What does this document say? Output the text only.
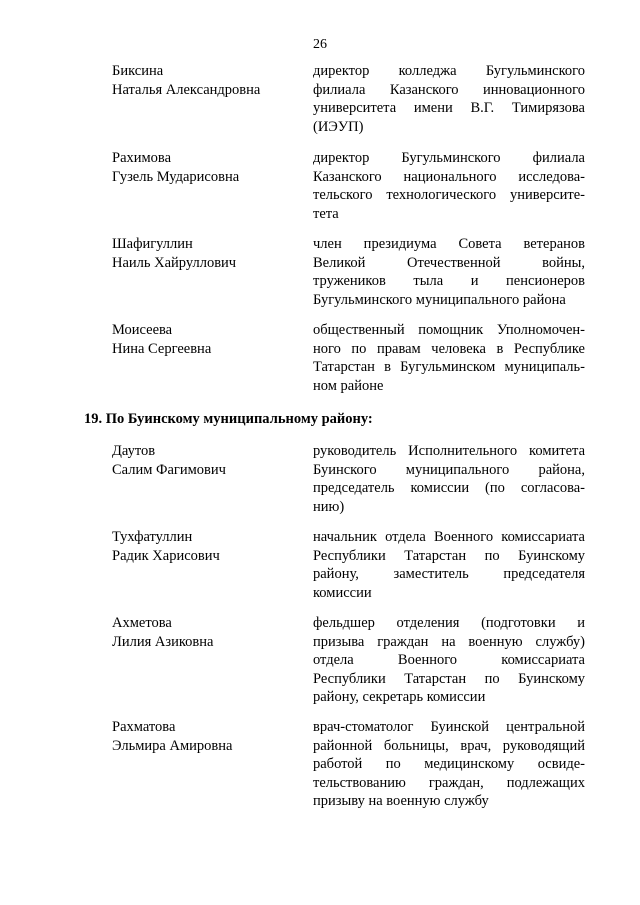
26
Биксина
Наталья Александровна
директор колледжа Бугульминского
филиала Казанского инновационного
университета имени В.Г. Тимирязова
(ИЭУП)
Рахимова
Гузель Мударисовна
директор Бугульминского филиала
Казанского национального исследова-
тельского технологического университе-
тета
Шафигуллин
Наиль Хайруллович
член президиума Совета ветеранов
Великой Отечественной войны,
тружеников тыла и пенсионеров
Бугульминского муниципального района
Моисеева
Нина Сергеевна
общественный помощник Уполномочен-
ного по правам человека в Республике
Татарстан в Бугульминском муниципаль-
ном районе
19. По Буинскому муниципальному району:
Даутов
Салим Фагимович
руководитель Исполнительного комитета
Буинского муниципального района,
председатель комиссии (по согласова-
нию)
Тухфатуллин
Радик Харисович
начальник отдела Военного комиссариата
Республики Татарстан по Буинскому
району, заместитель председателя
комиссии
Ахметова
Лилия Азиковна
фельдшер отделения (подготовки и
призыва граждан на военную службу)
отдела Военного комиссариата
Республики Татарстан по Буинскому
району, секретарь комиссии
Рахматова
Эльмира Амировна
врач-стоматолог Буинской центральной
районной больницы, врач, руководящий
работой по медицинскому освиде-
тельствованию граждан, подлежащих
призыву на военную службу
